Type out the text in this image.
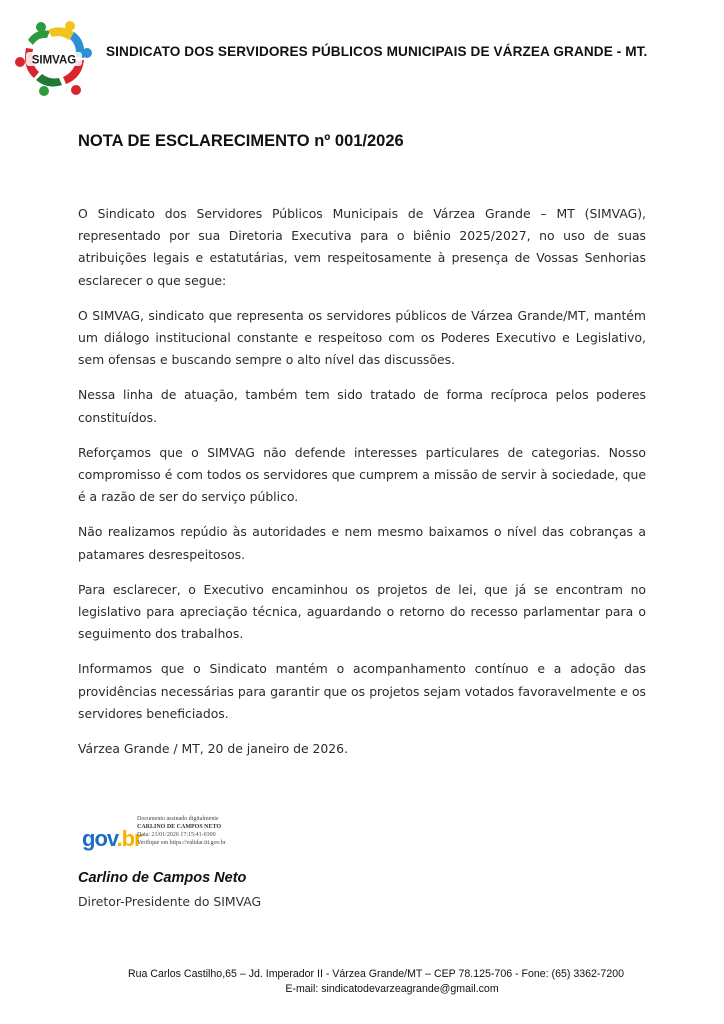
SIMVAG
SINDICATO DOS SERVIDORES PÚBLICOS MUNICIPAIS DE VÁRZEA GRANDE - MT.
NOTA DE ESCLARECIMENTO nº 001/2026

O Sindicato dos Servidores Públicos Municipais de Várzea Grande – MT (SIMVAG), representado por sua Diretoria Executiva para o biênio 2025/2027, no uso de suas atribuições legais e estatutárias, vem respeitosamente à presença de Vossas Senhorias esclarecer o que segue:

O SIMVAG, sindicato que representa os servidores públicos de Várzea Grande/MT, mantém um diálogo institucional constante e respeitoso com os Poderes Executivo e Legislativo, sem ofensas e buscando sempre o alto nível das discussões.

Nessa linha de atuação, também tem sido tratado de forma recíproca pelos poderes constituídos.

Reforçamos que o SIMVAG não defende interesses particulares de categorias. Nosso compromisso é com todos os servidores que cumprem a missão de servir à sociedade, que é a razão de ser do serviço público.

Não realizamos repúdio às autoridades e nem mesmo baixamos o nível das cobranças a patamares desrespeitosos.

Para esclarecer, o Executivo encaminhou os projetos de lei, que já se encontram no legislativo para apreciação técnica, aguardando o retorno do recesso parlamentar para o seguimento dos trabalhos.

Informamos que o Sindicato mantém o acompanhamento contínuo e a adoção das providências necessárias para garantir que os projetos sejam votados favoravelmente e os servidores beneficiados.

Várzea Grande / MT, 20 de janeiro de 2026.

gov.br
Documento assinado digitalmente
CARLINO DE CAMPOS NETO
Data: 21/01/2026 17:15:41-0300
Verifique em https://validar.iti.gov.br
Carlino de Campos Neto
Diretor-Presidente do SIMVAG
Rua Carlos Castilho,65 – Jd. Imperador II - Várzea Grande/MT – CEP 78.125-706 - Fone: (65) 3362-7200
E-mail: sindicatodevarzeagrande@gmail.com
